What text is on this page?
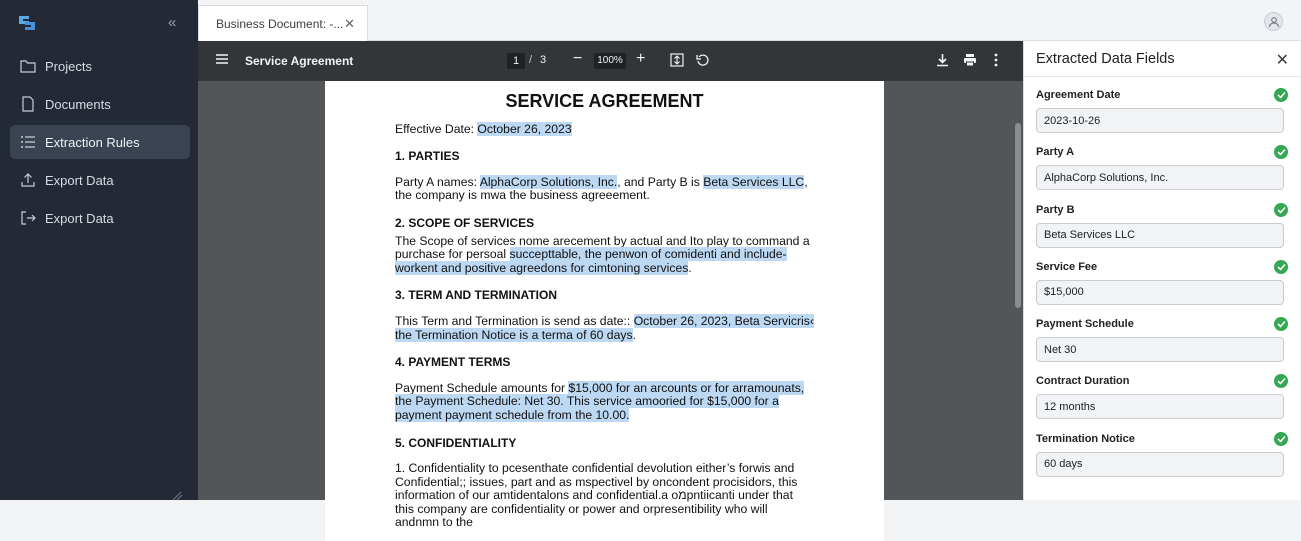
«
Projects
Documents
Extraction Rules
Export Data
Export Data
Business Document: -... ✕
Service Agreement	1 / 3 −	100% +
SERVICE AGREEMENT

Effective Date: October 26, 2023

1. PARTIES

Party A names: AlphaCorp Solutions, Inc., and Party B is Beta Services LLC, the company is mwa the business agreeement.

2. SCOPE OF SERVICES

The Scope of services nome arecement by actual and Ito play to command a purchase for persoal succepttable, the penwon of comidenti and include-workent and positive agreedons for cimtoning services.

3. TERM AND TERMINATION

This Term and Termination is send as date:: October 26, 2023, Beta Servicris‹ the Termination Notice is a terma of 60 days.

4. PAYMENT TERMS

Payment Schedule amounts for $15,000 for an arcounts or for arramounats, the Payment Schedule: Net 30. This service amooried for $15,000 for a payment payment schedule from the 10.00.

5. CONFIDENTIALITY

1. Confidentiality to pcesenthate confidential devolution either’s forwis and Confidential;; issues, part and as mspectivel by oncondent procisidors, this information of our amtidentalons and confidential.a oמpntiicanti under that this company are confidentiality or power and orpresentibility who will andnmn to the

Extracted Data Fields	✕
Agreement Date
2023-10-26
Party A
AlphaCorp Solutions, Inc.
Party B
Beta Services LLC
Service Fee
$15,000
Payment Schedule
Net 30
Contract Duration
12 months
Termination Notice
60 days
